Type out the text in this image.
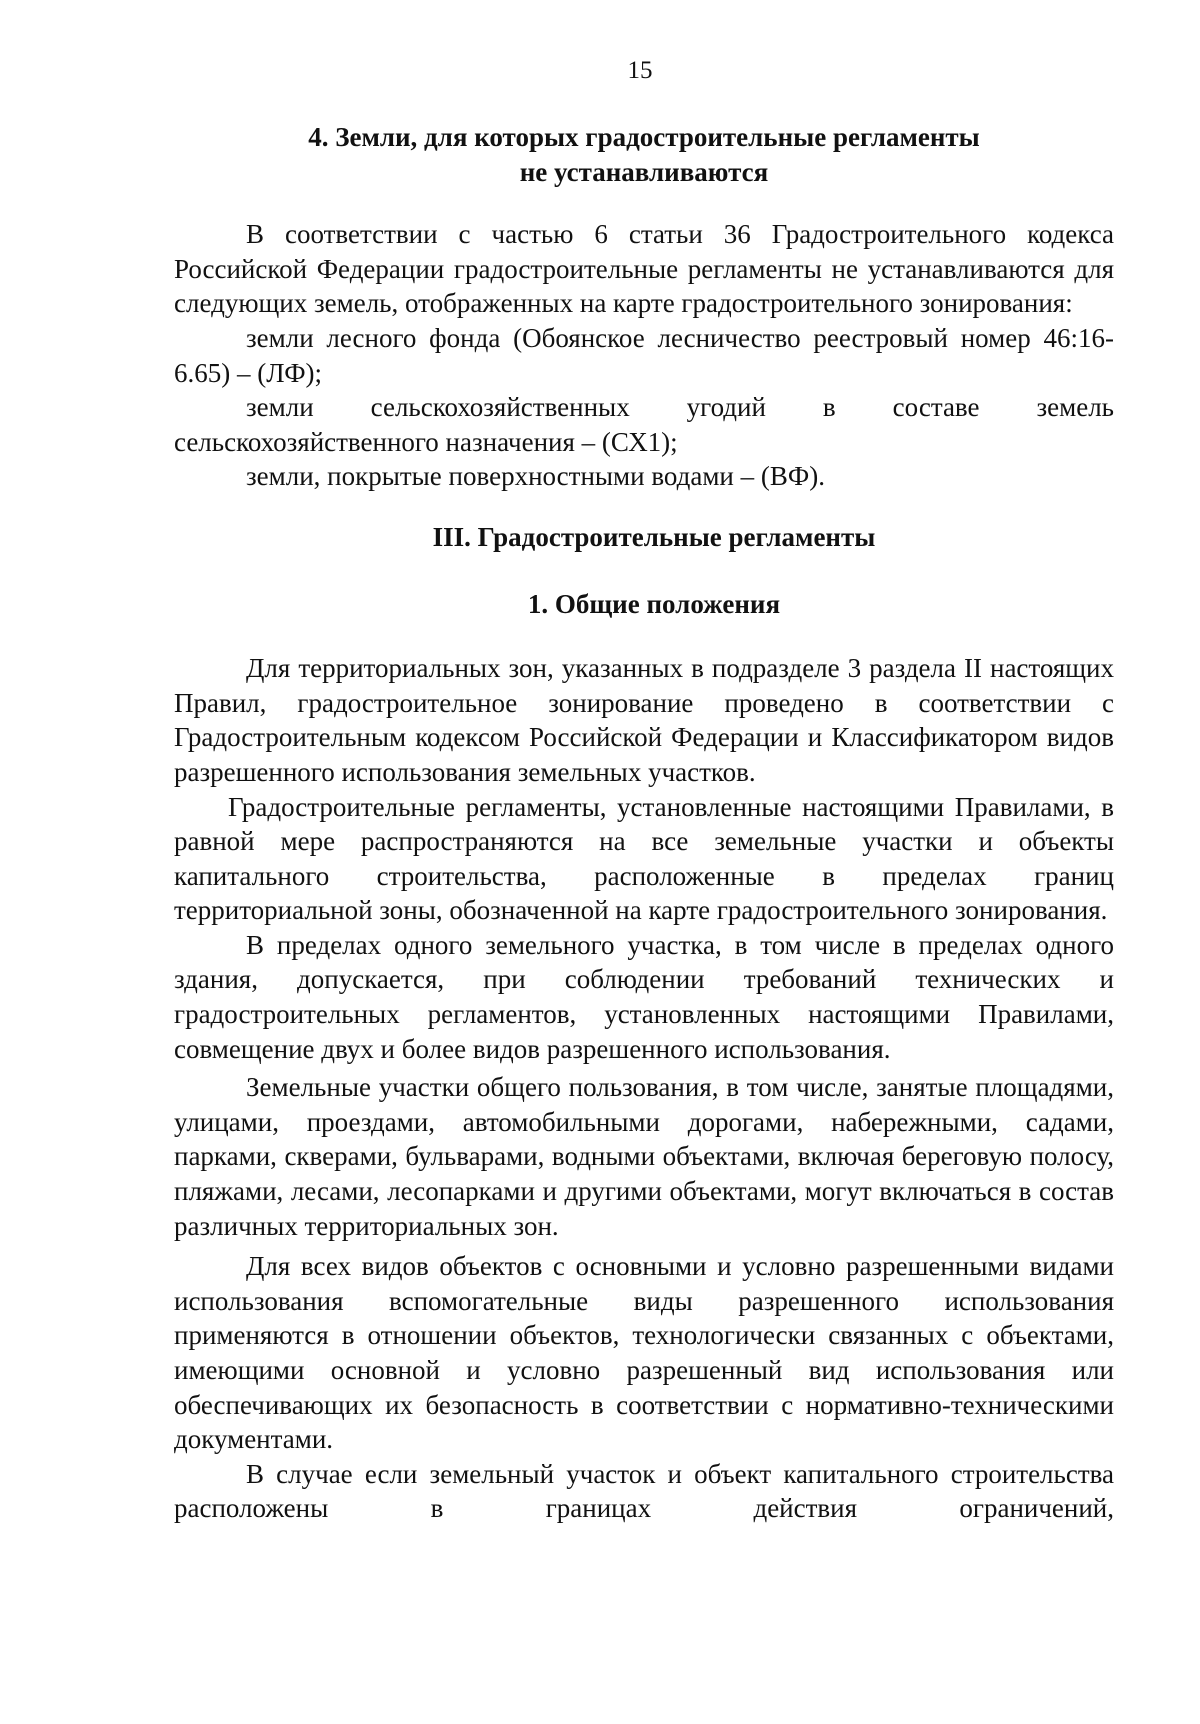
15

4. Земли, для которых градостроительные регламенты
не устанавливаются

В соответствии с частью 6 статьи 36 Градостроительного кодекса Российской Федерации градостроительные регламенты не устанавливаются для следующих земель, отображенных на карте градостроительного зонирования:

земли лесного фонда (Обоянское лесничество реестровый номер 46:16-6.65) – (ЛФ);

земли сельскохозяйственных угодий в составе земель сельскохозяйственного назначения – (СХ1);

земли, покрытые поверхностными водами – (ВФ).

III. Градостроительные регламенты

1. Общие положения

Для территориальных зон, указанных в подразделе 3 раздела II настоящих Правил, градостроительное зонирование проведено в соответствии с Градостроительным кодексом Российской Федерации и Классификатором видов разрешенного использования земельных участков.

Градостроительные регламенты, установленные настоящими Правилами, в равной мере распространяются на все земельные участки и объекты капитального строительства, расположенные в пределах границ территориальной зоны, обозначенной на карте градостроительного зонирования.

В пределах одного земельного участка, в том числе в пределах одного здания, допускается, при соблюдении требований технических и градостроительных регламентов, установленных настоящими Правилами, совмещение двух и более видов разрешенного использования.

Земельные участки общего пользования, в том числе, занятые площадями, улицами, проездами, автомобильными дорогами, набережными, садами, парками, скверами, бульварами, водными объектами, включая береговую полосу, пляжами, лесами, лесопарками и другими объектами, могут включаться в состав различных территориальных зон.

Для всех видов объектов с основными и условно разрешенными видами использования вспомогательные виды разрешенного использования применяются в отношении объектов, технологически связанных с объектами, имеющими основной и условно разрешенный вид использования или обеспечивающих их безопасность в соответствии с нормативно-техническими документами.

В случае если земельный участок и объект капитального строительства расположены в границах действия ограничений,
